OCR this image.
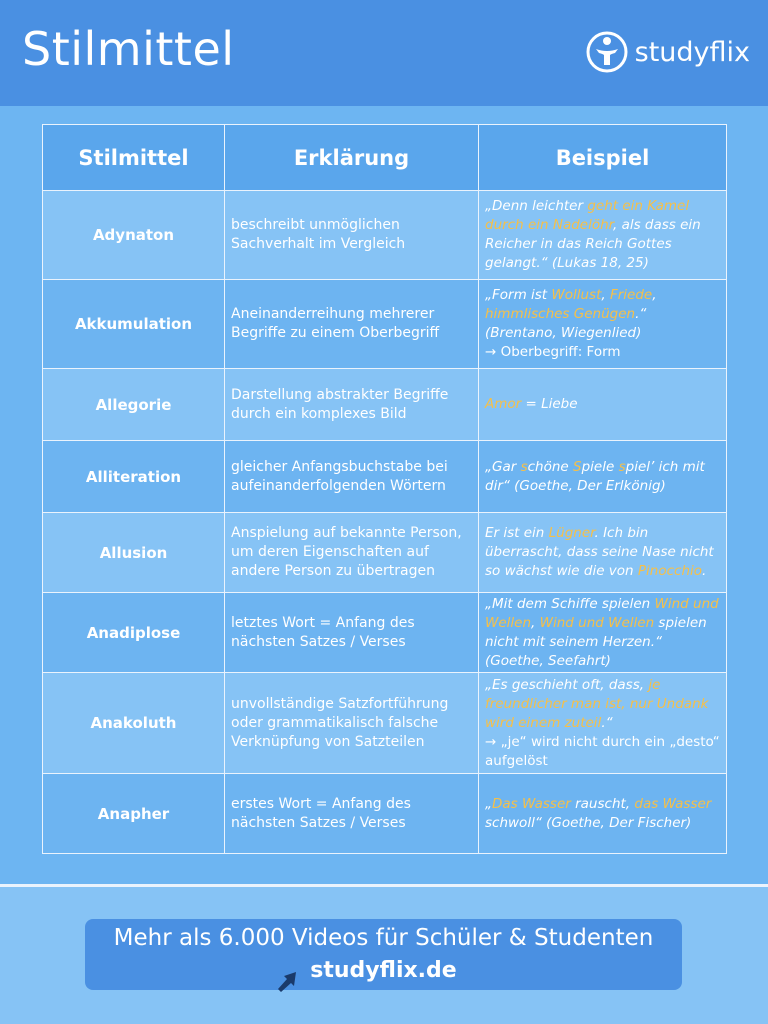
Stilmittel	studyflix
Stilmittel	Erklärung	Beispiel
Adynaton	beschreibt unmöglichen Sachverhalt im Vergleich	„Denn leichter geht ein Kamel durch ein Nadelöhr, als dass ein Reicher in das Reich Gottes gelangt.“ (Lukas 18, 25)
Akkumulation	Aneinanderreihung mehrerer Begriffe zu einem Oberbegriff	„Form ist Wollust, Friede, himmlisches Genügen.“ (Brentano, Wiegenlied)
→ Oberbegriff: Form
Allegorie	Darstellung abstrakter Begriffe durch ein komplexes Bild	Amor = Liebe
Alliteration	gleicher Anfangsbuchstabe bei aufeinanderfolgenden Wörtern	„Gar schöne Spiele spiel’ ich mit dir“ (Goethe, Der Erlkönig)
Allusion	Anspielung auf bekannte Person, um deren Eigenschaften auf andere Person zu übertragen	Er ist ein Lügner. Ich bin überrascht, dass seine Nase nicht so wächst wie die von Pinocchio.
Anadiplose	letztes Wort = Anfang des nächsten Satzes / Verses	„Mit dem Schiffe spielen Wind und Wellen, Wind und Wellen spielen nicht mit seinem Herzen.“ (Goethe, Seefahrt)
Anakoluth	unvollständige Satzfortführung oder grammatikalisch falsche Verknüpfung von Satzteilen	„Es geschieht oft, dass, je freundlicher man ist, nur Undank wird einem zuteil.“
→ „je“ wird nicht durch ein „desto“ aufgelöst
Anapher	erstes Wort = Anfang des nächsten Satzes / Verses	„Das Wasser rauscht, das Wasser schwoll“ (Goethe, Der Fischer)
Mehr als 6.000 Videos für Schüler & Studenten
studyflix.de
